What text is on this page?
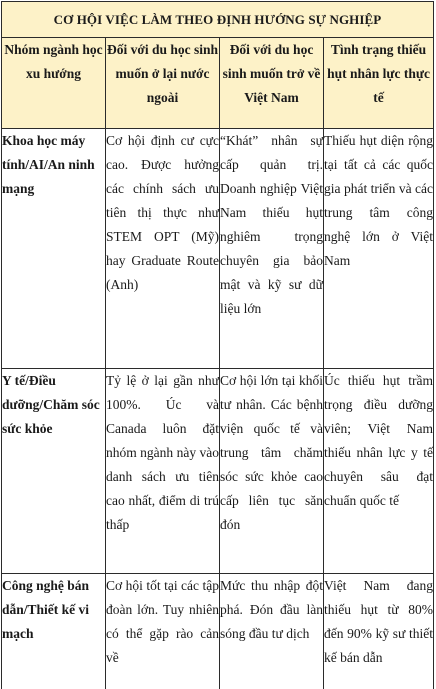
CƠ HỘI VIỆC LÀM THEO ĐỊNH HƯỚNG SỰ NGHIỆP			
Nhóm ngành học xu hướng	Đối với du học sinh muốn ở lại nước ngoài	Đối với du học sinh muốn trở về Việt Nam	Tình trạng thiếu hụt nhân lực thực tế
Khoa học máy tính/AI/An ninh mạng	Cơ hội định cư cực cao. Được hưởng các chính sách ưu tiên thị thực như STEM OPT (Mỹ) hay Graduate Route (Anh)	“Khát” nhân sự cấp quản trị. Doanh nghiệp Việt Nam thiếu hụt nghiêm trọng chuyên gia bảo mật và kỹ sư dữ liệu lớn	Thiếu hụt diện rộng tại tất cả các quốc gia phát triển và các trung tâm công nghệ lớn ở Việt Nam
Y tế/Điều dưỡng/Chăm sóc sức khỏe	Tỷ lệ ở lại gần như 100%. Úc và Canada luôn đặt nhóm ngành này vào danh sách ưu tiên cao nhất, điểm di trú thấp	Cơ hội lớn tại khối tư nhân. Các bệnh viện quốc tế và trung tâm chăm sóc sức khỏe cao cấp liên tục săn đón	Úc thiếu hụt trầm trọng điều dưỡng viên; Việt Nam thiếu nhân lực y tế chuyên sâu đạt chuẩn quốc tế
Công nghệ bán dẫn/Thiết kế vi mạch	Cơ hội tốt tại các tập đoàn lớn. Tuy nhiên có thể gặp rào cản về	Mức thu nhập đột phá. Đón đầu làn sóng đầu tư dịch	Việt Nam đang thiếu hụt từ 80% đến 90% kỹ sư thiết kế bán dẫn
